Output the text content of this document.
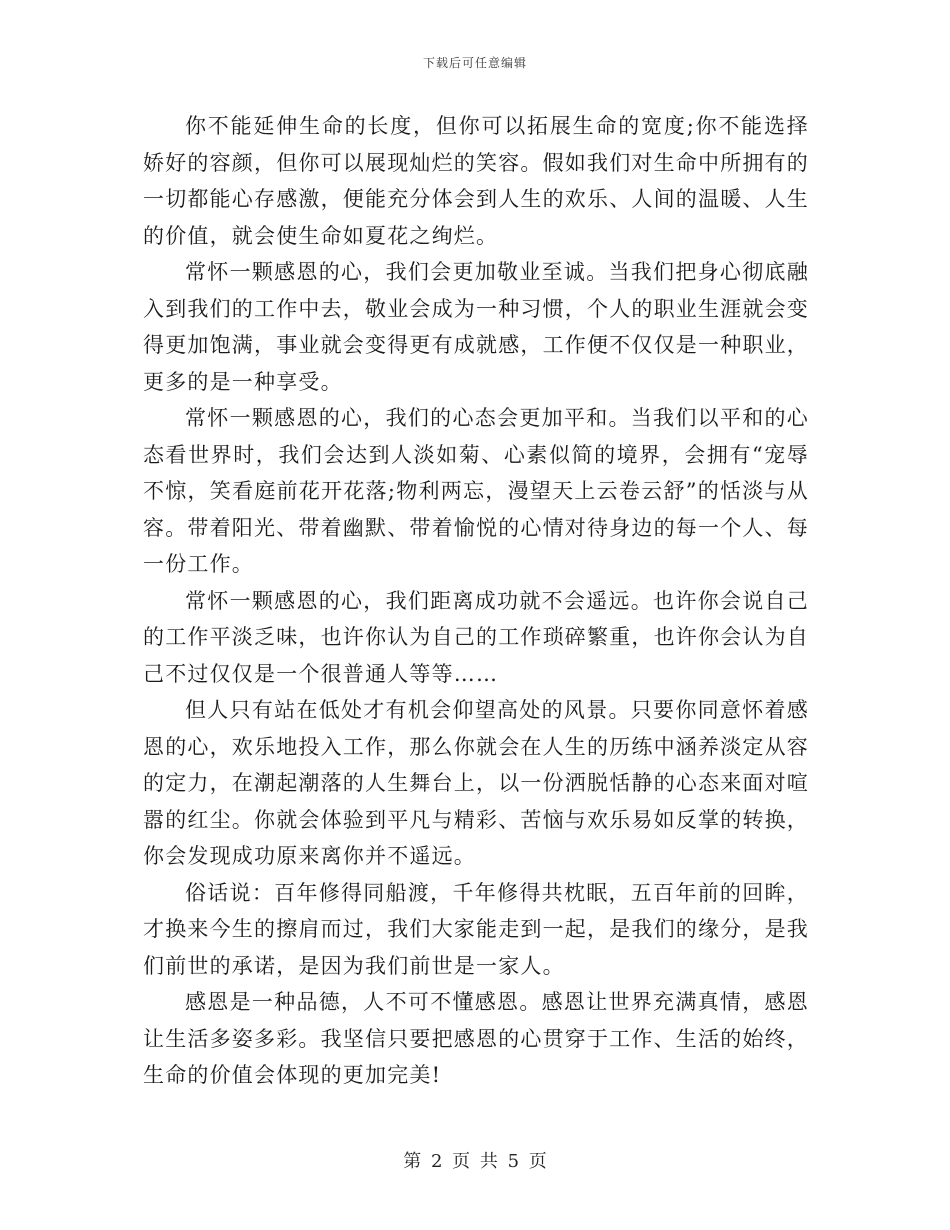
下载后可任意编辑

你不能延伸生命的长度，但你可以拓展生命的宽度;你不能选择娇好的容颜，但你可以展现灿烂的笑容。假如我们对生命中所拥有的一切都能心存感激，便能充分体会到人生的欢乐、人间的温暖、人生的价值，就会使生命如夏花之绚烂。

常怀一颗感恩的心，我们会更加敬业至诚。当我们把身心彻底融入到我们的工作中去，敬业会成为一种习惯，个人的职业生涯就会变得更加饱满，事业就会变得更有成就感，工作便不仅仅是一种职业，更多的是一种享受。

常怀一颗感恩的心，我们的心态会更加平和。当我们以平和的心态看世界时，我们会达到人淡如菊、心素似简的境界，会拥有“宠辱不惊，笑看庭前花开花落;物利两忘，漫望天上云卷云舒”的恬淡与从容。带着阳光、带着幽默、带着愉悦的心情对待身边的每一个人、每一份工作。

常怀一颗感恩的心，我们距离成功就不会遥远。也许你会说自己的工作平淡乏味，也许你认为自己的工作琐碎繁重，也许你会认为自己不过仅仅是一个很普通人等等……

但人只有站在低处才有机会仰望高处的风景。只要你同意怀着感恩的心，欢乐地投入工作，那么你就会在人生的历练中涵养淡定从容的定力，在潮起潮落的人生舞台上，以一份洒脱恬静的心态来面对喧嚣的红尘。你就会体验到平凡与精彩、苦恼与欢乐易如反掌的转换，你会发现成功原来离你并不遥远。

俗话说：百年修得同船渡，千年修得共枕眠，五百年前的回眸，才换来今生的擦肩而过，我们大家能走到一起，是我们的缘分，是我们前世的承诺，是因为我们前世是一家人。

感恩是一种品德，人不可不懂感恩。感恩让世界充满真情，感恩让生活多姿多彩。我坚信只要把感恩的心贯穿于工作、生活的始终，生命的价值会体现的更加完美!

第 2 页 共 5 页
